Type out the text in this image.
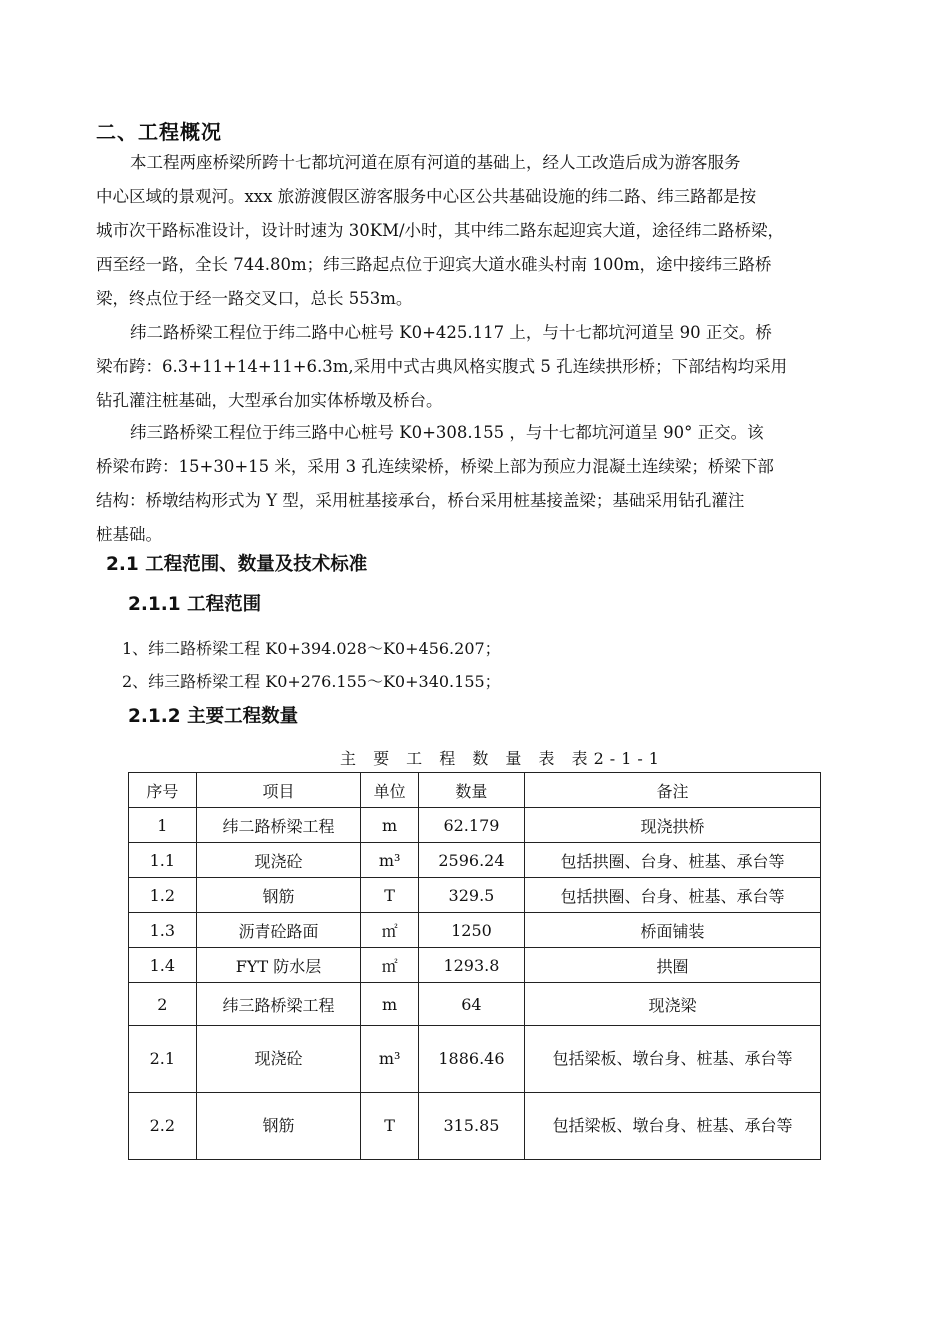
二、工程概况
本工程两座桥梁所跨十七都坑河道在原有河道的基础上，经人工改造后成为游客服务
中心区域的景观河。xxx 旅游渡假区游客服务中心区公共基础设施的纬二路、纬三路都是按
城市次干路标准设计，设计时速为 30KM/小时，其中纬二路东起迎宾大道，途径纬二路桥梁，
西至经一路，全长 744.80m；纬三路起点位于迎宾大道水碓头村南 100m，途中接纬三路桥
梁，终点位于经一路交叉口，总长 553m。
纬二路桥梁工程位于纬二路中心桩号 K0+425.117 上，与十七都坑河道呈 90 正交。桥
梁布跨：6.3+11+14+11+6.3m,采用中式古典风格实腹式 5 孔连续拱形桥；下部结构均采用
钻孔灌注桩基础，大型承台加实体桥墩及桥台。
纬三路桥梁工程位于纬三路中心桩号 K0+308.155 ，与十七都坑河道呈 90° 正交。该
桥梁布跨：15+30+15 米，采用 3 孔连续梁桥，桥梁上部为预应力混凝土连续梁；桥梁下部
结构：桥墩结构形式为 Y 型，采用桩基接承台，桥台采用桩基接盖梁；基础采用钻孔灌注
桩基础。
2.1 工程范围、数量及技术标准
2.1.1 工程范围
1、纬二路桥梁工程 K0+394.028～K0+456.207；
2、纬三路桥梁工程 K0+276.155～K0+340.155；
2.1.2 主要工程数量
主 要 工 程 数 量 表 表2-1-1
序号	项目	单位	数量	备注
1	纬二路桥梁工程	m	62.179	现浇拱桥
1.1	现浇砼	m³	2596.24	包括拱圈、台身、桩基、承台等
1.2	钢筋	T	329.5	包括拱圈、台身、桩基、承台等
1.3	沥青砼路面	㎡	1250	桥面铺装
1.4	FYT 防水层	㎡	1293.8	拱圈
2	纬三路桥梁工程	m	64	现浇梁
2.1	现浇砼	m³	1886.46	包括梁板、墩台身、桩基、承台等
2.2	钢筋	T	315.85	包括梁板、墩台身、桩基、承台等
